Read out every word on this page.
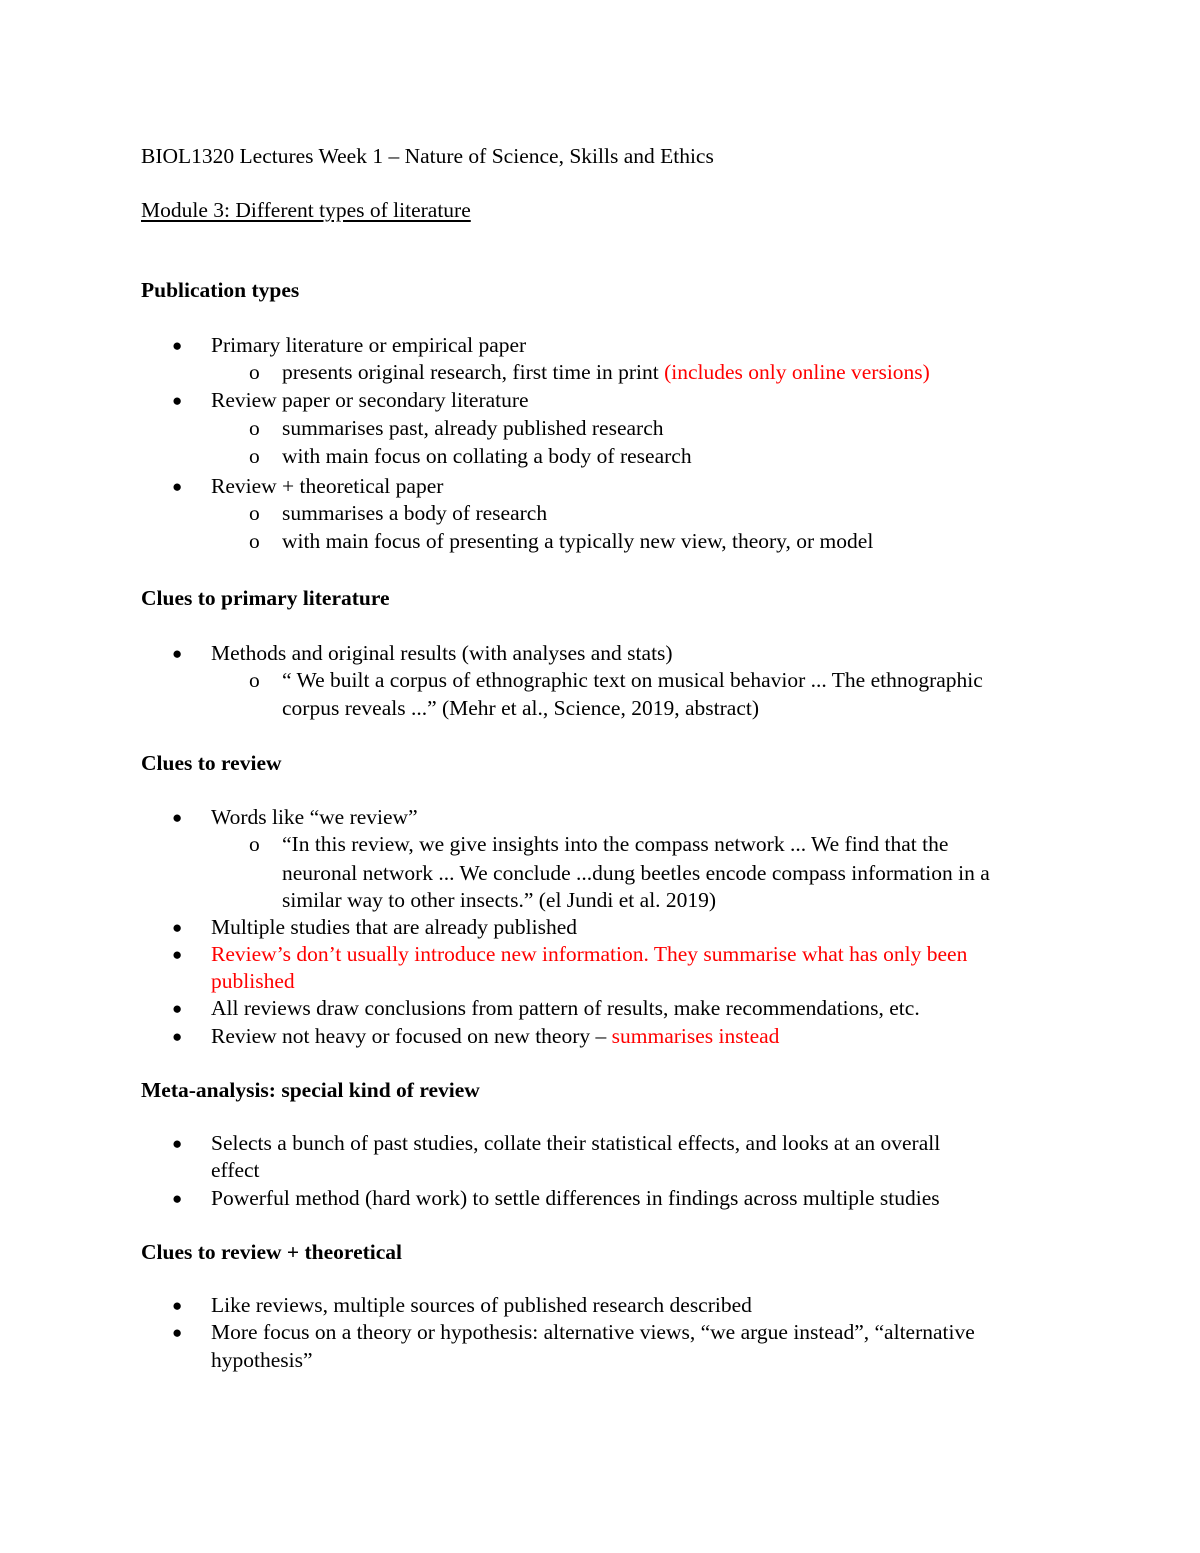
BIOL1320 Lectures Week 1 – Nature of Science, Skills and Ethics
Module 3: Different types of literature
Publication types
● Primary literature or empirical paper
o presents original research, first time in print (includes only online versions)
● Review paper or secondary literature
o summarises past, already published research
o with main focus on collating a body of research
● Review + theoretical paper
o summarises a body of research
o with main focus of presenting a typically new view, theory, or model
Clues to primary literature
● Methods and original results (with analyses and stats)
o “ We built a corpus of ethnographic text on musical behavior ... The ethnographic
corpus reveals ...” (Mehr et al., Science, 2019, abstract)
Clues to review
● Words like “we review”
o “In this review, we give insights into the compass network ... We find that the
neuronal network ... We conclude ...dung beetles encode compass information in a
similar way to other insects.” (el Jundi et al. 2019)
● Multiple studies that are already published
● Review’s don’t usually introduce new information. They summarise what has only been
published
● All reviews draw conclusions from pattern of results, make recommendations, etc.
● Review not heavy or focused on new theory – summarises instead
Meta-analysis: special kind of review
● Selects a bunch of past studies, collate their statistical effects, and looks at an overall
effect
● Powerful method (hard work) to settle differences in findings across multiple studies
Clues to review + theoretical
● Like reviews, multiple sources of published research described
● More focus on a theory or hypothesis: alternative views, “we argue instead”, “alternative
hypothesis”
